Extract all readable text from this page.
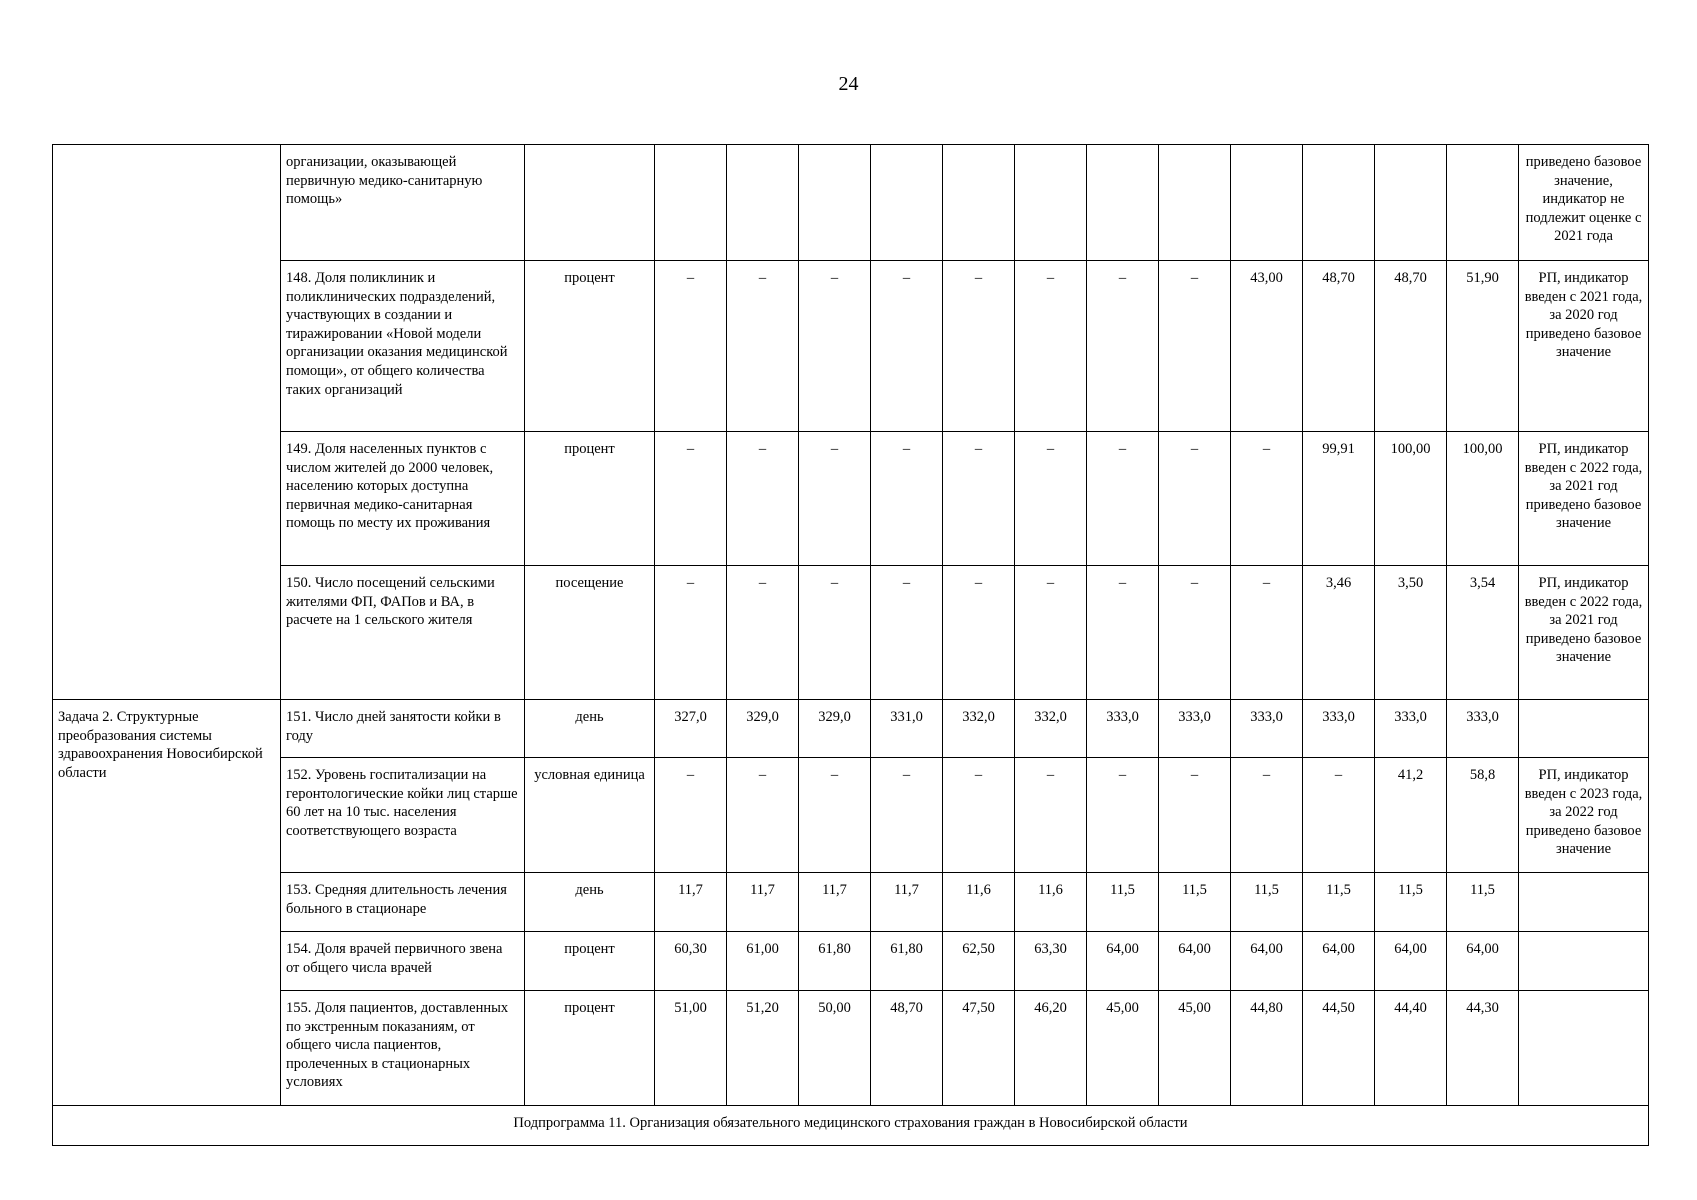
24
	организации, оказывающей первичную медико-санитарную помощь»														приведено базовое значение, индикатор не подлежит оценке с 2021 года
	148. Доля поликлиник и поликлинических подразделений, участвующих в создании и тиражировании «Новой модели организации оказания медицинской помощи», от общего количества таких организаций	процент	–	–	–	–	–	–	–	–	43,00	48,70	48,70	51,90	РП, индикатор введен с 2021 года, за 2020 год приведено базовое значение
	149. Доля населенных пунктов с числом жителей до 2000 человек, населению которых доступна первичная медико-санитарная помощь по месту их проживания	процент	–	–	–	–	–	–	–	–	–	99,91	100,00	100,00	РП, индикатор введен с 2022 года, за 2021 год приведено базовое значение
	150. Число посещений сельскими жителями ФП, ФАПов и ВА, в расчете на 1 сельского жителя	посещение	–	–	–	–	–	–	–	–	–	3,46	3,50	3,54	РП, индикатор введен с 2022 года, за 2021 год приведено базовое значение
Задача 2. Структурные преобразования системы здравоохранения Новосибирской области	151. Число дней занятости койки в году	день	327,0	329,0	329,0	331,0	332,0	332,0	333,0	333,0	333,0	333,0	333,0	333,0	
	152. Уровень госпитализации на геронтологические койки лиц старше 60 лет на 10 тыс. населения соответствующего возраста	условная единица	–	–	–	–	–	–	–	–	–	–	41,2	58,8	РП, индикатор введен с 2023 года, за 2022 год приведено базовое значение
	153. Средняя длительность лечения больного в стационаре	день	11,7	11,7	11,7	11,7	11,6	11,6	11,5	11,5	11,5	11,5	11,5	11,5	
	154. Доля врачей первичного звена от общего числа врачей	процент	60,30	61,00	61,80	61,80	62,50	63,30	64,00	64,00	64,00	64,00	64,00	64,00	
	155. Доля пациентов, доставленных по экстренным показаниям, от общего числа пациентов, пролеченных в стационарных условиях	процент	51,00	51,20	50,00	48,70	47,50	46,20	45,00	45,00	44,80	44,50	44,40	44,30	
Подпрограмма 11. Организация обязательного медицинского страхования граждан в Новосибирской области															
